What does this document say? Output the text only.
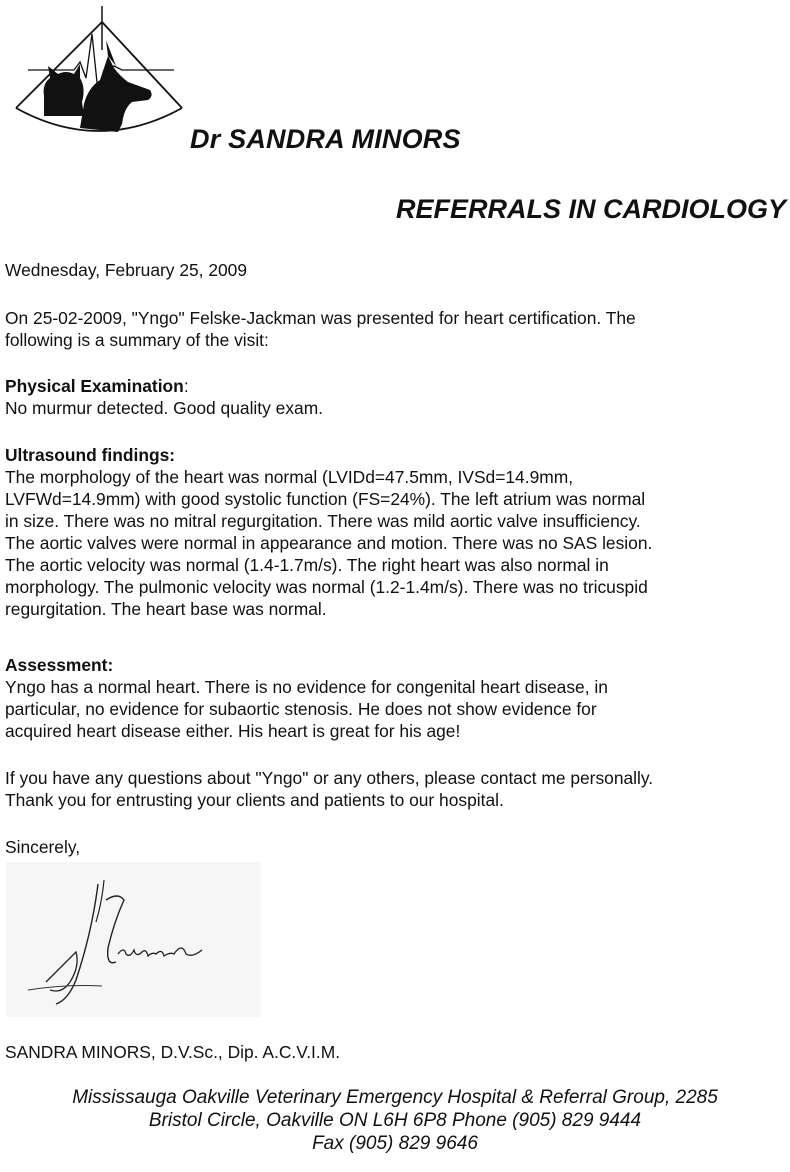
Dr SANDRA MINORS
REFERRALS IN CARDIOLOGY
Wednesday, February 25, 2009
On 25-02-2009, "Yngo" Felske-Jackman was presented for heart certification. The
following is a summary of the visit:
Physical Examination:
No murmur detected. Good quality exam.
Ultrasound findings:
The morphology of the heart was normal (LVIDd=47.5mm, IVSd=14.9mm,
LVFWd=14.9mm) with good systolic function (FS=24%). The left atrium was normal
in size. There was no mitral regurgitation. There was mild aortic valve insufficiency.
The aortic valves were normal in appearance and motion. There was no SAS lesion.
The aortic velocity was normal (1.4-1.7m/s). The right heart was also normal in
morphology. The pulmonic velocity was normal (1.2-1.4m/s). There was no tricuspid
regurgitation. The heart base was normal.
Assessment:
Yngo has a normal heart. There is no evidence for congenital heart disease, in
particular, no evidence for subaortic stenosis. He does not show evidence for
acquired heart disease either. His heart is great for his age!
If you have any questions about "Yngo" or any others, please contact me personally.
Thank you for entrusting your clients and patients to our hospital.
Sincerely,
SANDRA MINORS, D.V.Sc., Dip. A.C.V.I.M.
Mississauga Oakville Veterinary Emergency Hospital & Referral Group, 2285
Bristol Circle, Oakville ON L6H 6P8 Phone (905) 829 9444
Fax (905) 829 9646
